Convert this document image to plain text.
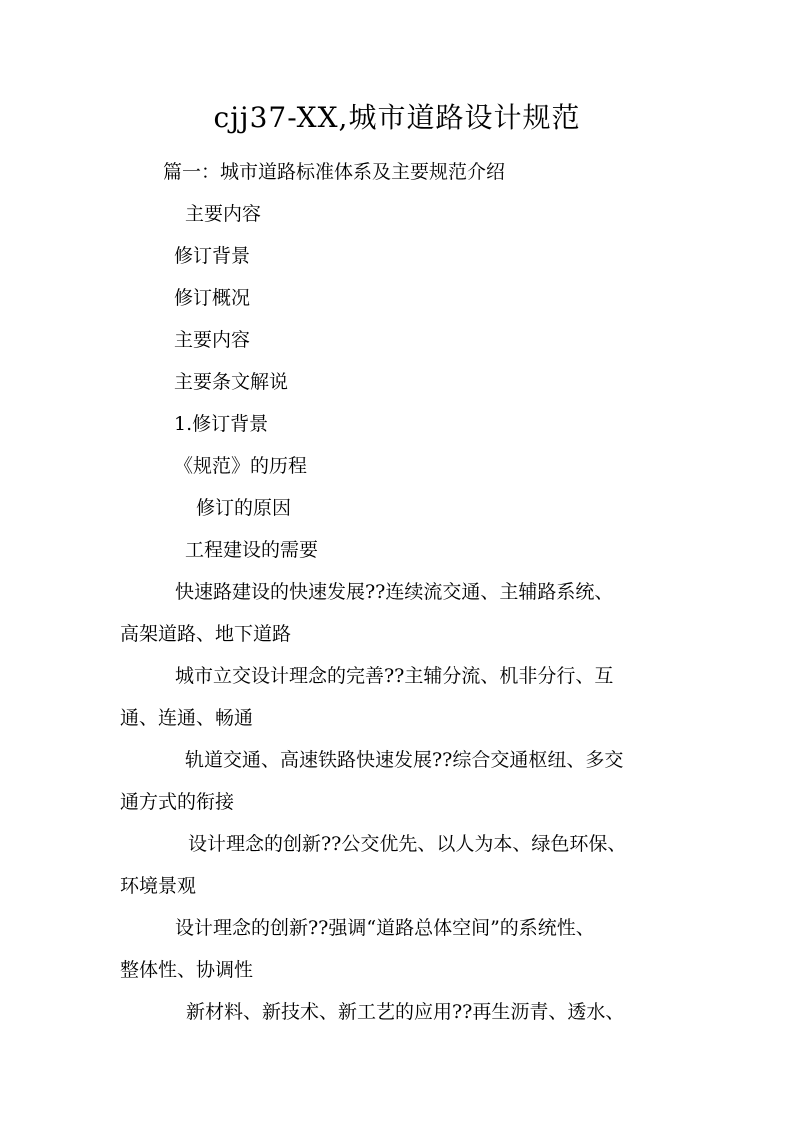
cjj37-XX,城市道路设计规范
篇一：城市道路标准体系及主要规范介绍
主要内容
修订背景
修订概况
主要内容
主要条文解说
1.修订背景
《规范》的历程
修订的原因
工程建设的需要
快速路建设的快速发展??连续流交通、主辅路系统、
高架道路、地下道路
城市立交设计理念的完善??主辅分流、机非分行、互
通、连通、畅通
轨道交通、高速铁路快速发展??综合交通枢纽、多交
通方式的衔接
设计理念的创新??公交优先、以人为本、绿色环保、
环境景观
设计理念的创新??强调“道路总体空间”的系统性、
整体性、协调性
新材料、新技术、新工艺的应用??再生沥青、透水、
